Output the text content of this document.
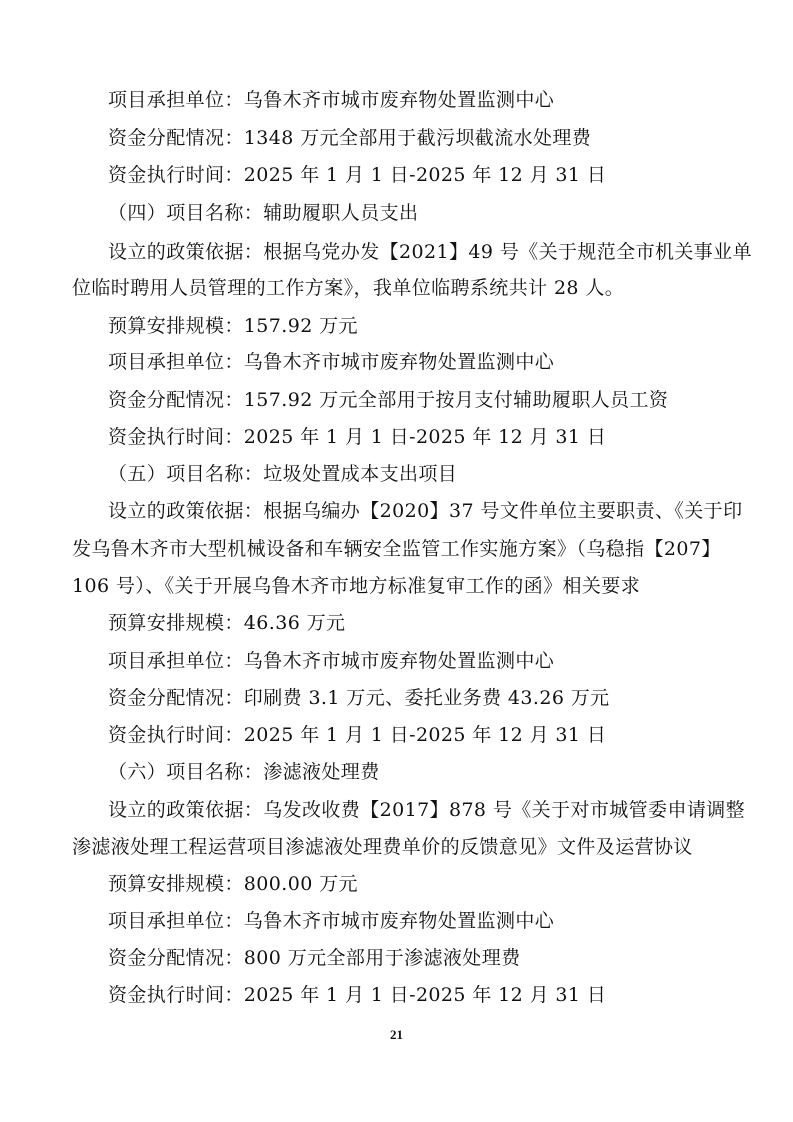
项目承担单位：乌鲁木齐市城市废弃物处置监测中心
资金分配情况：1348 万元全部用于截污坝截流水处理费
资金执行时间：2025 年 1 月 1 日-2025 年 12 月 31 日
（四）项目名称：辅助履职人员支出
设立的政策依据：根据乌党办发【2021】49 号《关于规范全市机关事业单
位临时聘用人员管理的工作方案》，我单位临聘系统共计 28 人。
预算安排规模：157.92 万元
项目承担单位：乌鲁木齐市城市废弃物处置监测中心
资金分配情况：157.92 万元全部用于按月支付辅助履职人员工资
资金执行时间：2025 年 1 月 1 日-2025 年 12 月 31 日
（五）项目名称：垃圾处置成本支出项目
设立的政策依据：根据乌编办【2020】37 号文件单位主要职责、《关于印
发乌鲁木齐市大型机械设备和车辆安全监管工作实施方案》（乌稳指【207】
106 号）、《关于开展乌鲁木齐市地方标准复审工作的函》相关要求
预算安排规模：46.36 万元
项目承担单位：乌鲁木齐市城市废弃物处置监测中心
资金分配情况：印刷费 3.1 万元、委托业务费 43.26 万元
资金执行时间：2025 年 1 月 1 日-2025 年 12 月 31 日
（六）项目名称：渗滤液处理费
设立的政策依据：乌发改收费【2017】878 号《关于对市城管委申请调整
渗滤液处理工程运营项目渗滤液处理费单价的反馈意见》文件及运营协议
预算安排规模：800.00 万元
项目承担单位：乌鲁木齐市城市废弃物处置监测中心
资金分配情况：800 万元全部用于渗滤液处理费
资金执行时间：2025 年 1 月 1 日-2025 年 12 月 31 日
21
